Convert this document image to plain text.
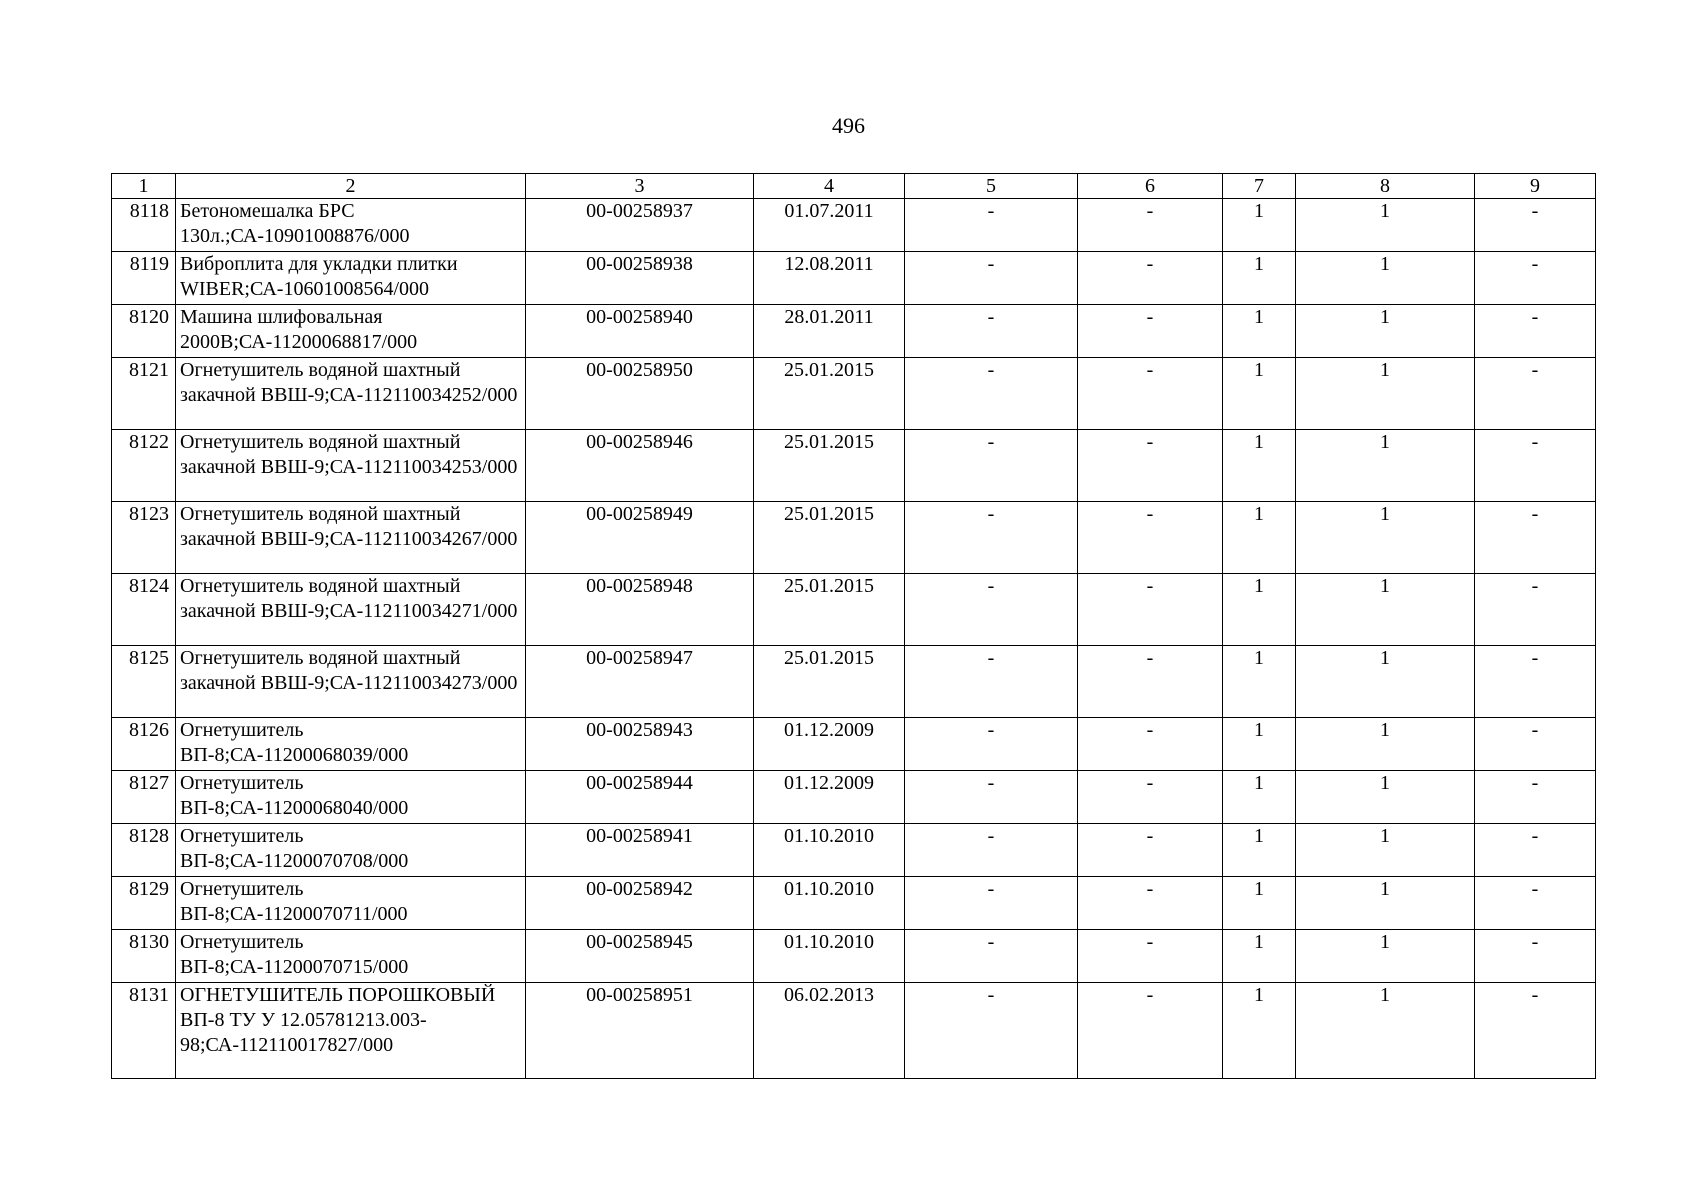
496
1	2	3	4	5	6	7	8	9
8118	Бетономешалка БРС 130л.;СА-10901008876/000	00-00258937	01.07.2011	-	-	1	1	-
8119	Виброплита для укладки плитки WIBER;СА-10601008564/000	00-00258938	12.08.2011	-	-	1	1	-
8120	Машина шлифовальная 2000В;СА-11200068817/000	00-00258940	28.01.2011	-	-	1	1	-
8121	Огнетушитель водяной шахтный закачной ВВШ-9;СА-112110034252/000	00-00258950	25.01.2015	-	-	1	1	-
8122	Огнетушитель водяной шахтный закачной ВВШ-9;СА-112110034253/000	00-00258946	25.01.2015	-	-	1	1	-
8123	Огнетушитель водяной шахтный закачной ВВШ-9;СА-112110034267/000	00-00258949	25.01.2015	-	-	1	1	-
8124	Огнетушитель водяной шахтный закачной ВВШ-9;СА-112110034271/000	00-00258948	25.01.2015	-	-	1	1	-
8125	Огнетушитель водяной шахтный закачной ВВШ-9;СА-112110034273/000	00-00258947	25.01.2015	-	-	1	1	-
8126	Огнетушитель ВП-8;СА-11200068039/000	00-00258943	01.12.2009	-	-	1	1	-
8127	Огнетушитель ВП-8;СА-11200068040/000	00-00258944	01.12.2009	-	-	1	1	-
8128	Огнетушитель ВП-8;СА-11200070708/000	00-00258941	01.10.2010	-	-	1	1	-
8129	Огнетушитель ВП-8;СА-11200070711/000	00-00258942	01.10.2010	-	-	1	1	-
8130	Огнетушитель ВП-8;СА-11200070715/000	00-00258945	01.10.2010	-	-	1	1	-
8131	ОГНЕТУШИТЕЛЬ ПОРОШКОВЫЙ ВП-8 ТУ У 12.05781213.003-98;СА-112110017827/000	00-00258951	06.02.2013	-	-	1	1	-
